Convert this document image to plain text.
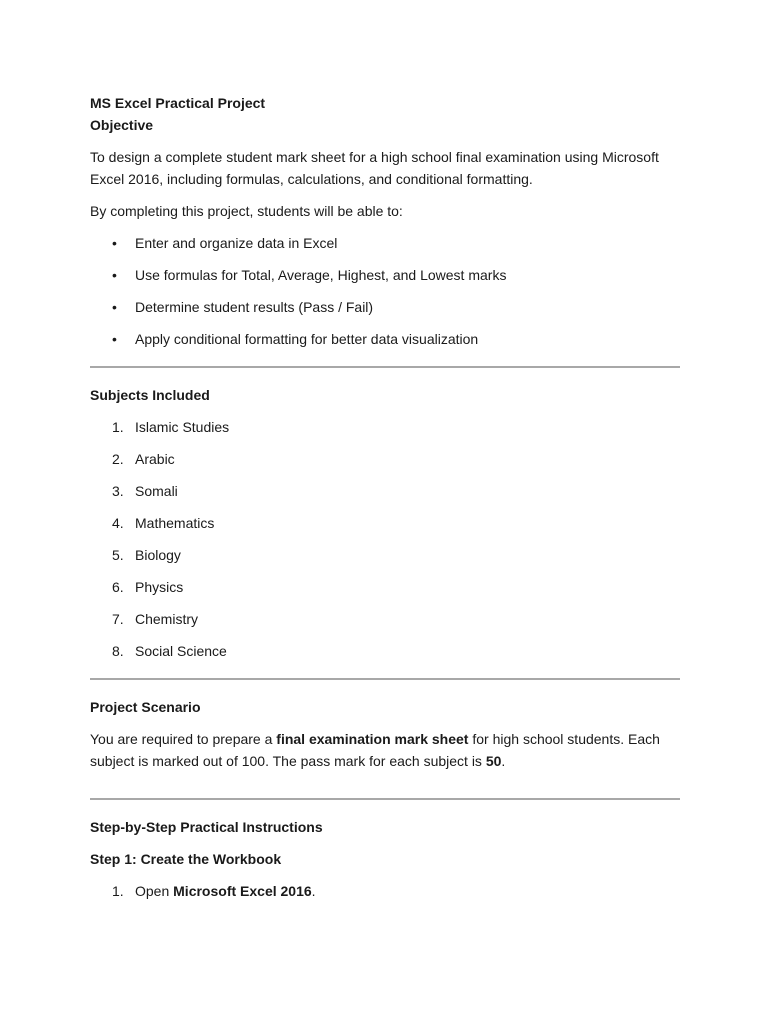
MS Excel Practical Project

Objective

To design a complete student mark sheet for a high school final examination using Microsoft Excel 2016, including formulas, calculations, and conditional formatting.

By completing this project, students will be able to:

• Enter and organize data in Excel
• Use formulas for Total, Average, Highest, and Lowest marks
• Determine student results (Pass / Fail)
• Apply conditional formatting for better data visualization

Subjects Included

1. Islamic Studies
2. Arabic
3. Somali
4. Mathematics
5. Biology
6. Physics
7. Chemistry
8. Social Science

Project Scenario

You are required to prepare a final examination mark sheet for high school students. Each subject is marked out of 100. The pass mark for each subject is 50.

Step-by-Step Practical Instructions

Step 1: Create the Workbook

1. Open Microsoft Excel 2016.
